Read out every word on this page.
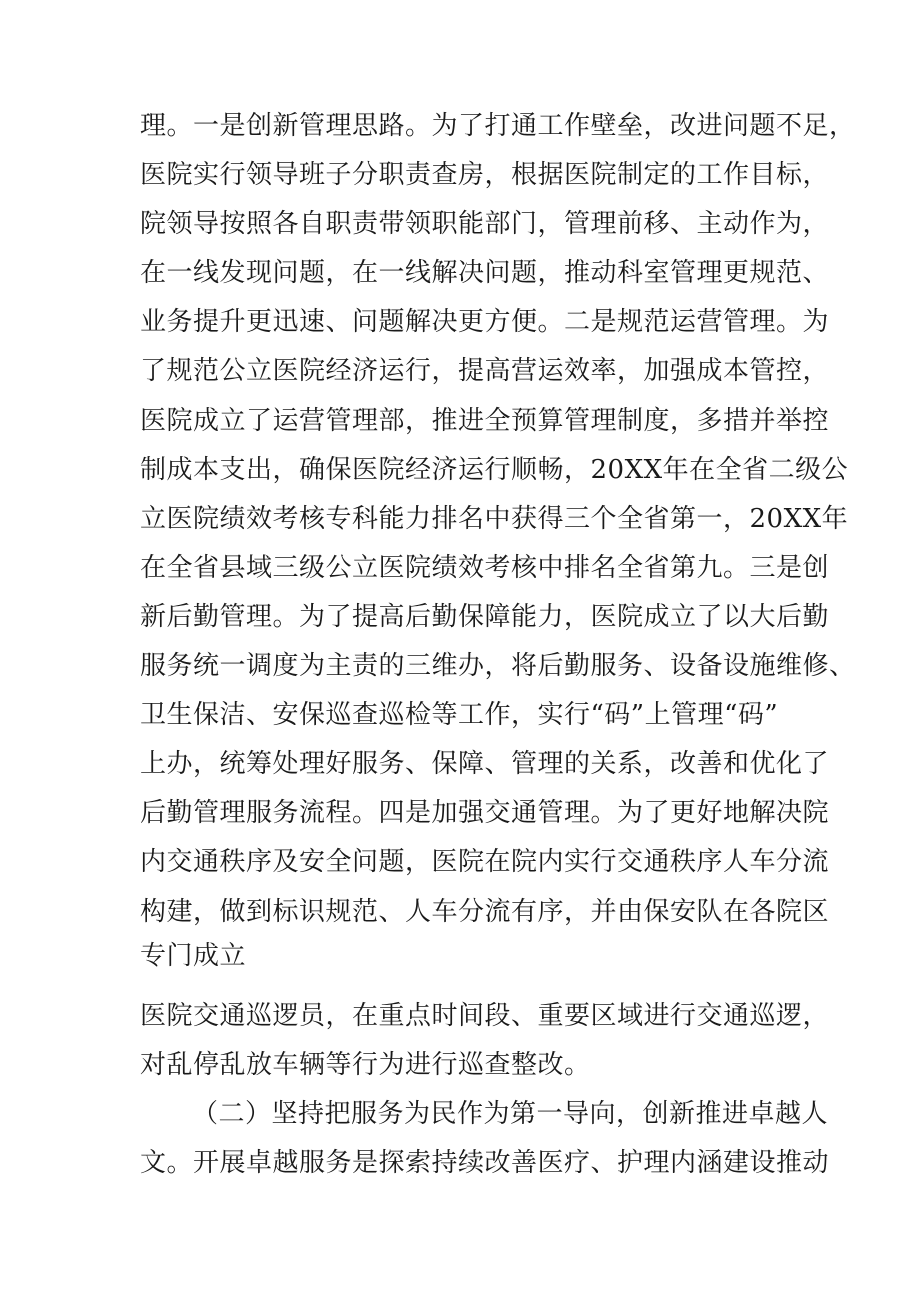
理。一是创新管理思路。为了打通工作壁垒，改进问题不足，

医院实行领导班子分职责查房，根据医院制定的工作目标，

院领导按照各自职责带领职能部门，管理前移、主动作为，

在一线发现问题，在一线解决问题，推动科室管理更规范、

业务提升更迅速、问题解决更方便。二是规范运营管理。为

了规范公立医院经济运行，提高营运效率，加强成本管控，

医院成立了运营管理部，推进全预算管理制度，多措并举控

制成本支出，确保医院经济运行顺畅，20XX年在全省二级公

立医院绩效考核专科能力排名中获得三个全省第一，20XX年

在全省县域三级公立医院绩效考核中排名全省第九。三是创

新后勤管理。为了提高后勤保障能力，医院成立了以大后勤

服务统一调度为主责的三维办，将后勤服务、设备设施维修、

卫生保洁、安保巡查巡检等工作，实行“码”上管理“码”

上办，统筹处理好服务、保障、管理的关系，改善和优化了

后勤管理服务流程。四是加强交通管理。为了更好地解决院

内交通秩序及安全问题，医院在院内实行交通秩序人车分流

构建，做到标识规范、人车分流有序，并由保安队在各院区

专门成立

医院交通巡逻员，在重点时间段、重要区域进行交通巡逻，

对乱停乱放车辆等行为进行巡查整改。

（二）坚持把服务为民作为第一导向，创新推进卓越人

文。开展卓越服务是探索持续改善医疗、护理内涵建设推动
